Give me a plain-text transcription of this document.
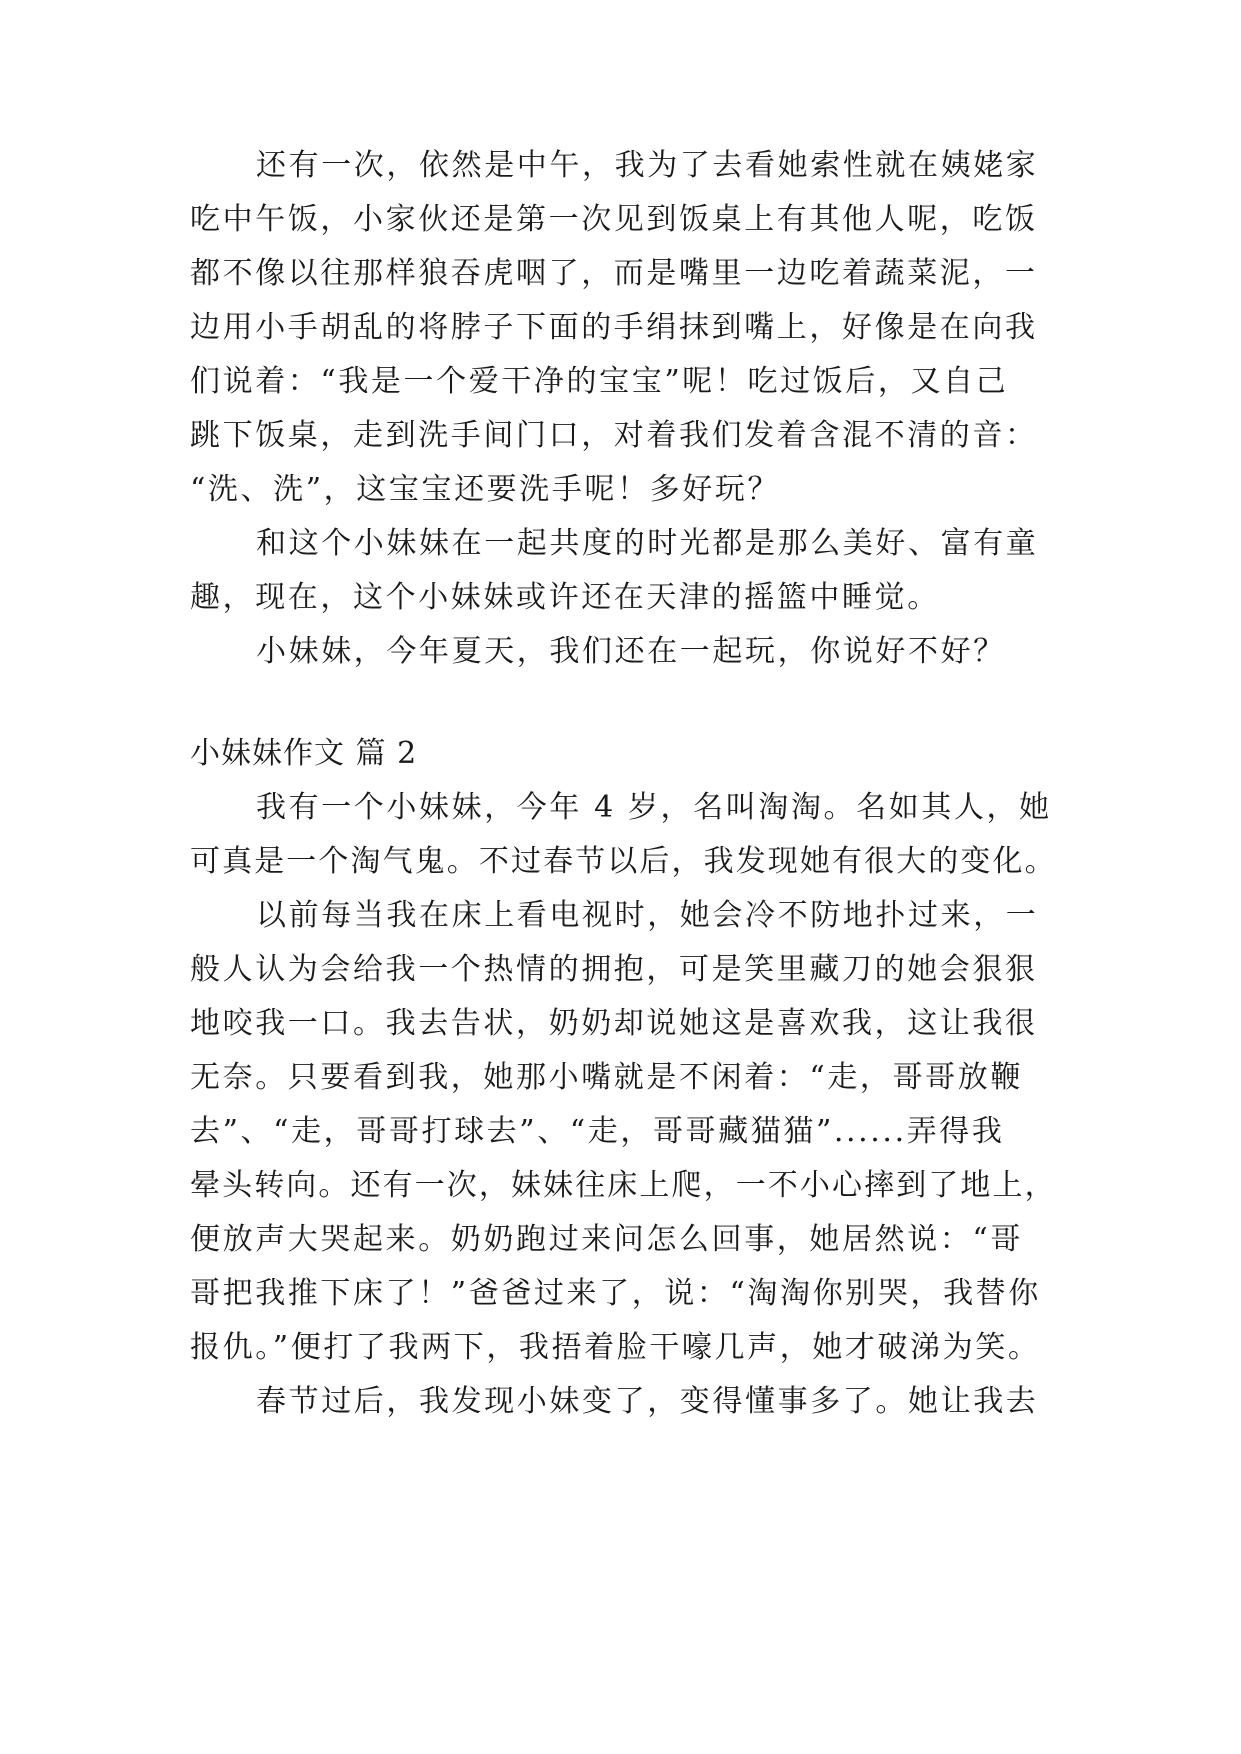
还有一次，依然是中午，我为了去看她索性就在姨姥家
吃中午饭，小家伙还是第一次见到饭桌上有其他人呢，吃饭
都不像以往那样狼吞虎咽了，而是嘴里一边吃着蔬菜泥，一
边用小手胡乱的将脖子下面的手绢抹到嘴上，好像是在向我
们说着：“我是一个爱干净的宝宝”呢！吃过饭后，又自己
跳下饭桌，走到洗手间门口，对着我们发着含混不清的音：
“洗、洗”，这宝宝还要洗手呢！多好玩？
和这个小妹妹在一起共度的时光都是那么美好、富有童
趣，现在，这个小妹妹或许还在天津的摇篮中睡觉。
小妹妹，今年夏天，我们还在一起玩，你说好不好？
小妹妹作文 篇 2
我有一个小妹妹，今年 4 岁，名叫淘淘。名如其人，她
可真是一个淘气鬼。不过春节以后，我发现她有很大的变化。
以前每当我在床上看电视时，她会冷不防地扑过来，一
般人认为会给我一个热情的拥抱，可是笑里藏刀的她会狠狠
地咬我一口。我去告状，奶奶却说她这是喜欢我，这让我很
无奈。只要看到我，她那小嘴就是不闲着：“走，哥哥放鞭
去”、“走，哥哥打球去”、“走，哥哥藏猫猫”......弄得我
晕头转向。还有一次，妹妹往床上爬，一不小心摔到了地上，
便放声大哭起来。奶奶跑过来问怎么回事，她居然说：“哥
哥把我推下床了！”爸爸过来了，说：“淘淘你别哭，我替你
报仇。”便打了我两下，我捂着脸干嚎几声，她才破涕为笑。
春节过后，我发现小妹变了，变得懂事多了。她让我去
